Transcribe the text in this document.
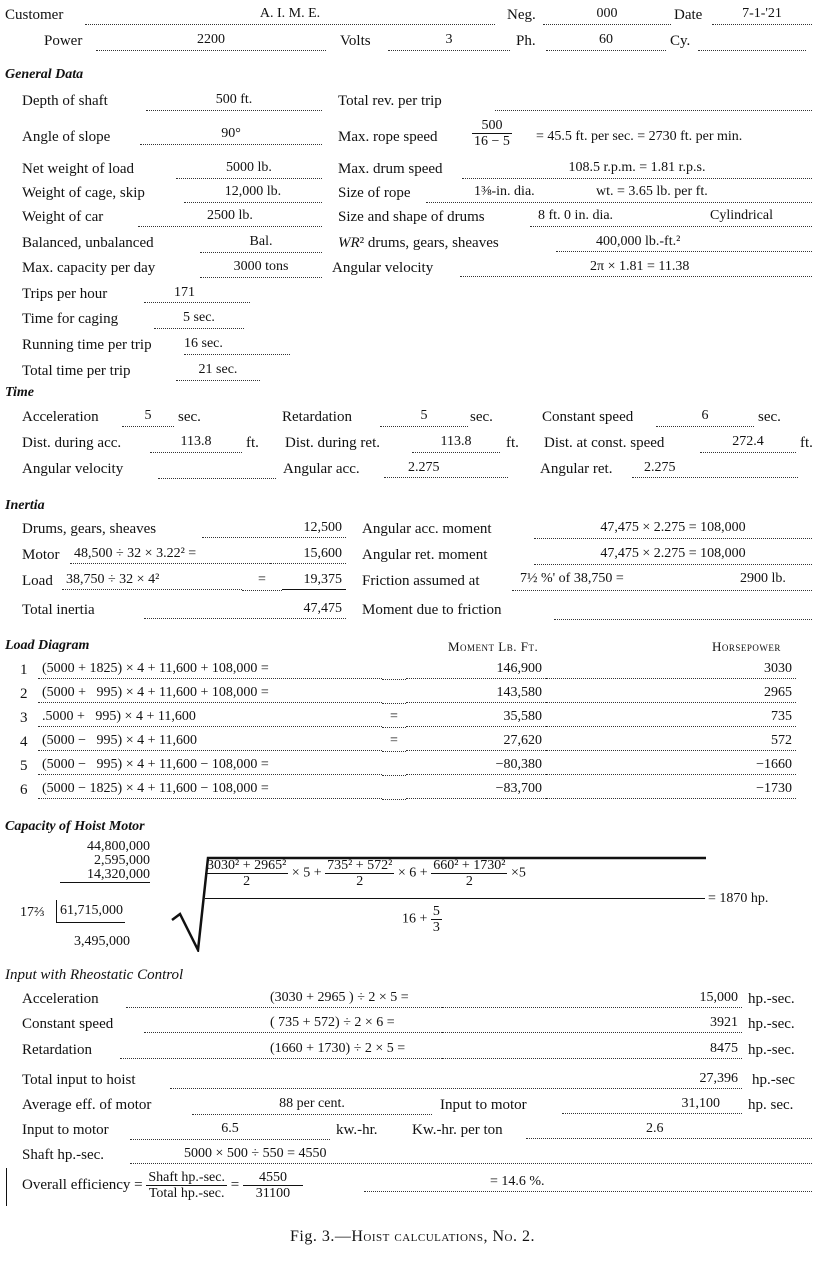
Customer	A. I. M. E.	Neg.	000	Date	7-1-'21
Power	2200	Volts	3	Ph.	60	Cy.
General Data
Depth of shaft	500 ft.	Total rev. per trip
Angle of slope	90°	Max. rope speed $\frac{500}{16 - 5} = 45.5$ ft. per sec. = 2730 ft. per min.
Net weight of load	5000 lb.	Max. drum speed	108.5 r.p.m. = 1.81 r.p.s.
Weight of cage, skip	12,000 lb.	Size of rope	1⅜-in. dia.	wt. = 3.65 lb. per ft.
Weight of car	2500 lb.	Size and shape of drums	8 ft. 0 in. dia.	Cylindrical
Balanced, unbalanced	Bal.	WR² drums, gears, sheaves	400,000 lb.-ft.²
Max. capacity per day	3000 tons	Angular velocity	2π × 1.81 = 11.38
Trips per hour	171
Time for caging	5 sec.
Running time per trip 16 sec.
Total time per trip	21 sec.
Time
Acceleration	5	sec.	Retardation	5	sec.	Constant speed	6	sec.
Dist. during acc.	113.8	ft. Dist. during ret.	113.8	ft. Dist. at const. speed	272.4	ft.
Angular velocity	Angular acc.	2.275	Angular ret.	2.275
Inertia
Drums, gears, sheaves	12,500 Angular acc. moment	47,475 × 2.275 = 108,000
Motor 48,500 ÷ 32 × 3.22² =	15,600 Angular ret. moment	47,475 × 2.275 = 108,000
Load 38,750 ÷ 32 × 4²	=	19,375 Friction assumed at	7½ %' of 38,750 =	2900 lb.
Total inertia	47,475 Moment due to friction
Load Diagram	Moment Lb. Ft.	Horsepower
1 (5000 + 1825) × 4 + 11,600 + 108,000 =	146,900	3030
2 (5000 +   995) × 4 + 11,600 + 108,000 =	143,580	2965
3 .5000 +   995) × 4 + 11,600	=	35,580	735
4 (5000 −   995) × 4 + 11,600	=	27,620	572
5 (5000 −   995) × 4 + 11,600 − 108,000 =	−80,380	−1660
6 (5000 − 1825) × 4 + 11,600 − 108,000 =	−83,700	−1730
Capacity of Hoist Motor
44,800,000
2,595,000
14,320,000
17⅔ 61,715,000
3,495,000
$\frac{\text{3030² + 2965²}}{2} \times 5 + \frac{\text{735² + 572²}}{2} \times 6 + \frac{\text{660² + 1730²}}{2} \times 5$
$16 + \frac{5}{3}$
= 1870 hp.
Input with Rheostatic Control
Acceleration	(3030 + 2965 ) ÷ 2 × 5 =	15,000 hp.-sec.
Constant speed	( 735 + 572) ÷ 2 × 6 =	3921 hp.-sec.
Retardation	(1660 + 1730) ÷ 2 × 5 =	8475 hp.-sec.
Total input to hoist	27,396 hp.-sec
Average eff. of motor	88 per cent.	Input to motor	31,100	hp. sec.
Input to motor	6.5	kw.-hr. Kw.-hr. per ton	2.6
Shaft hp.-sec.	5000 × 500 ÷ 550 = 4550
Overall efficiency = $\frac{\text{Shaft hp.-sec.}}{\text{Total hp.-sec.}} = \frac{4550}{31100}$	= 14.6 %.
Fig. 3.—Hoist calculations, No. 2.
